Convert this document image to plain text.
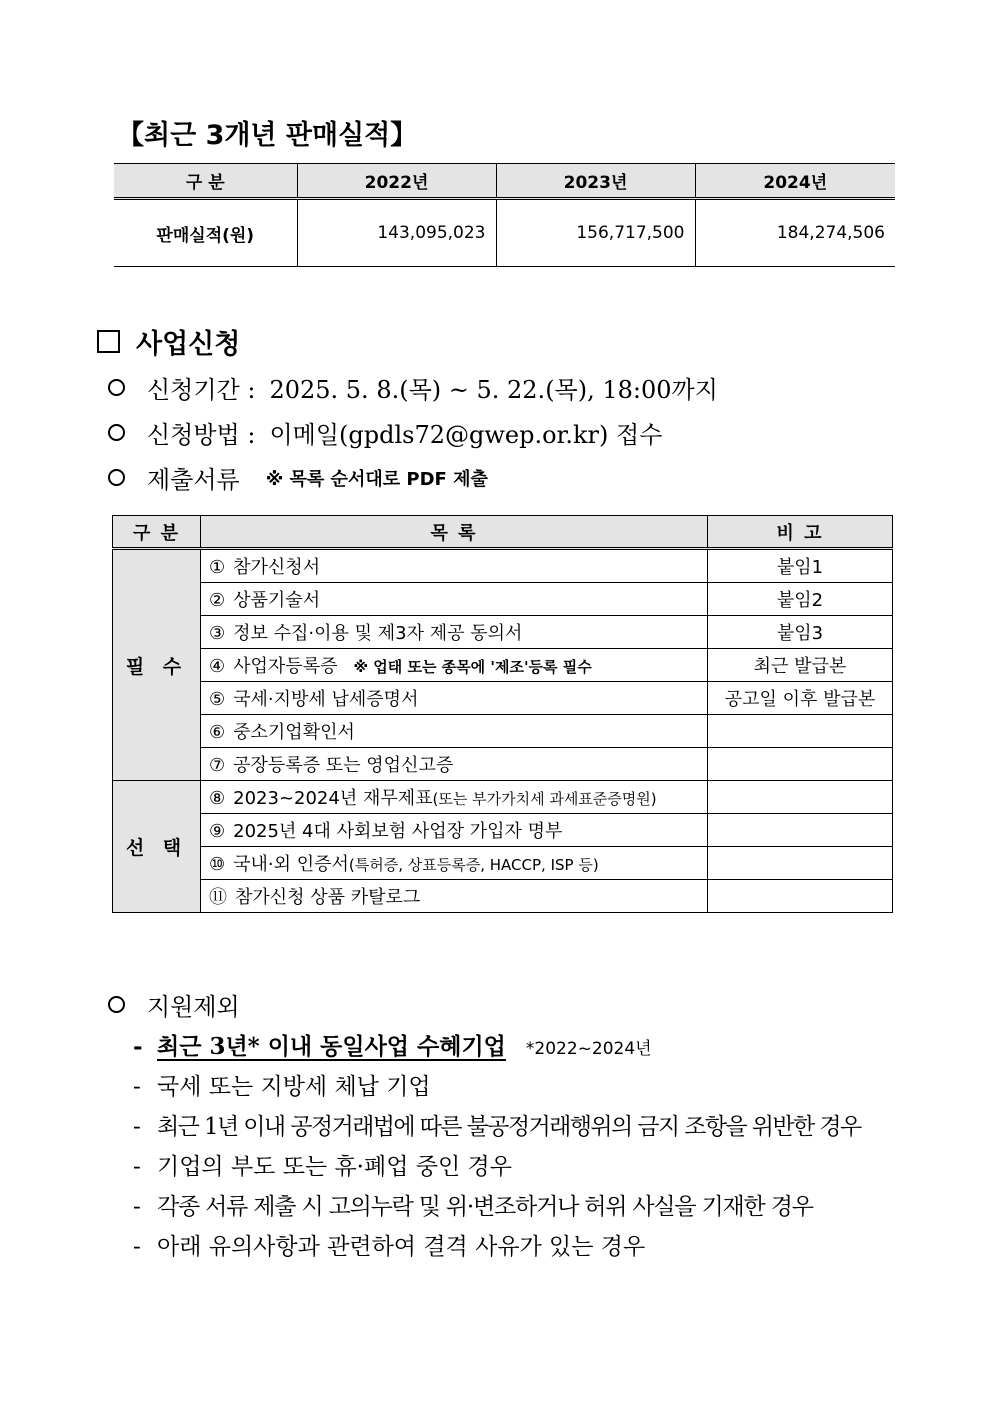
【최근 3개년 판매실적】
구 분	2022년	2023년	2024년
판매실적(원)	143,095,023	156,717,500	184,274,506
사업신청
신청기간 : 2025. 5. 8.(목) ~ 5. 22.(목), 18:00까지
신청방법 : 이메일(gpdls72@gwep.or.kr) 접수
제출서류 ※ 목록 순서대로 PDF 제출
구 분	목 록	비 고
필 수	① 참가신청서	붙임1
	② 상품기술서	붙임2
	③ 정보 수집·이용 및 제3자 제공 동의서	붙임3
	④ 사업자등록증 ※ 업태 또는 종목에 '제조'등록 필수	최근 발급본
	⑤ 국세·지방세 납세증명서	공고일 이후 발급본
	⑥ 중소기업확인서	
	⑦ 공장등록증 또는 영업신고증	
선 택	⑧ 2023~2024년 재무제표(또는 부가가치세 과세표준증명원)	
	⑨ 2025년 4대 사회보험 사업장 가입자 명부	
	⑩ 국내·외 인증서(특허증, 상표등록증, HACCP, ISP 등)	
	⑪ 참가신청 상품 카탈로그	
지원제외
- 최근 3년* 이내 동일사업 수혜기업 *2022~2024년
- 국세 또는 지방세 체납 기업
- 최근 1년 이내 공정거래법에 따른 불공정거래행위의 금지 조항을 위반한 경우
- 기업의 부도 또는 휴·폐업 중인 경우
- 각종 서류 제출 시 고의누락 및 위·변조하거나 허위 사실을 기재한 경우
- 아래 유의사항과 관련하여 결격 사유가 있는 경우
